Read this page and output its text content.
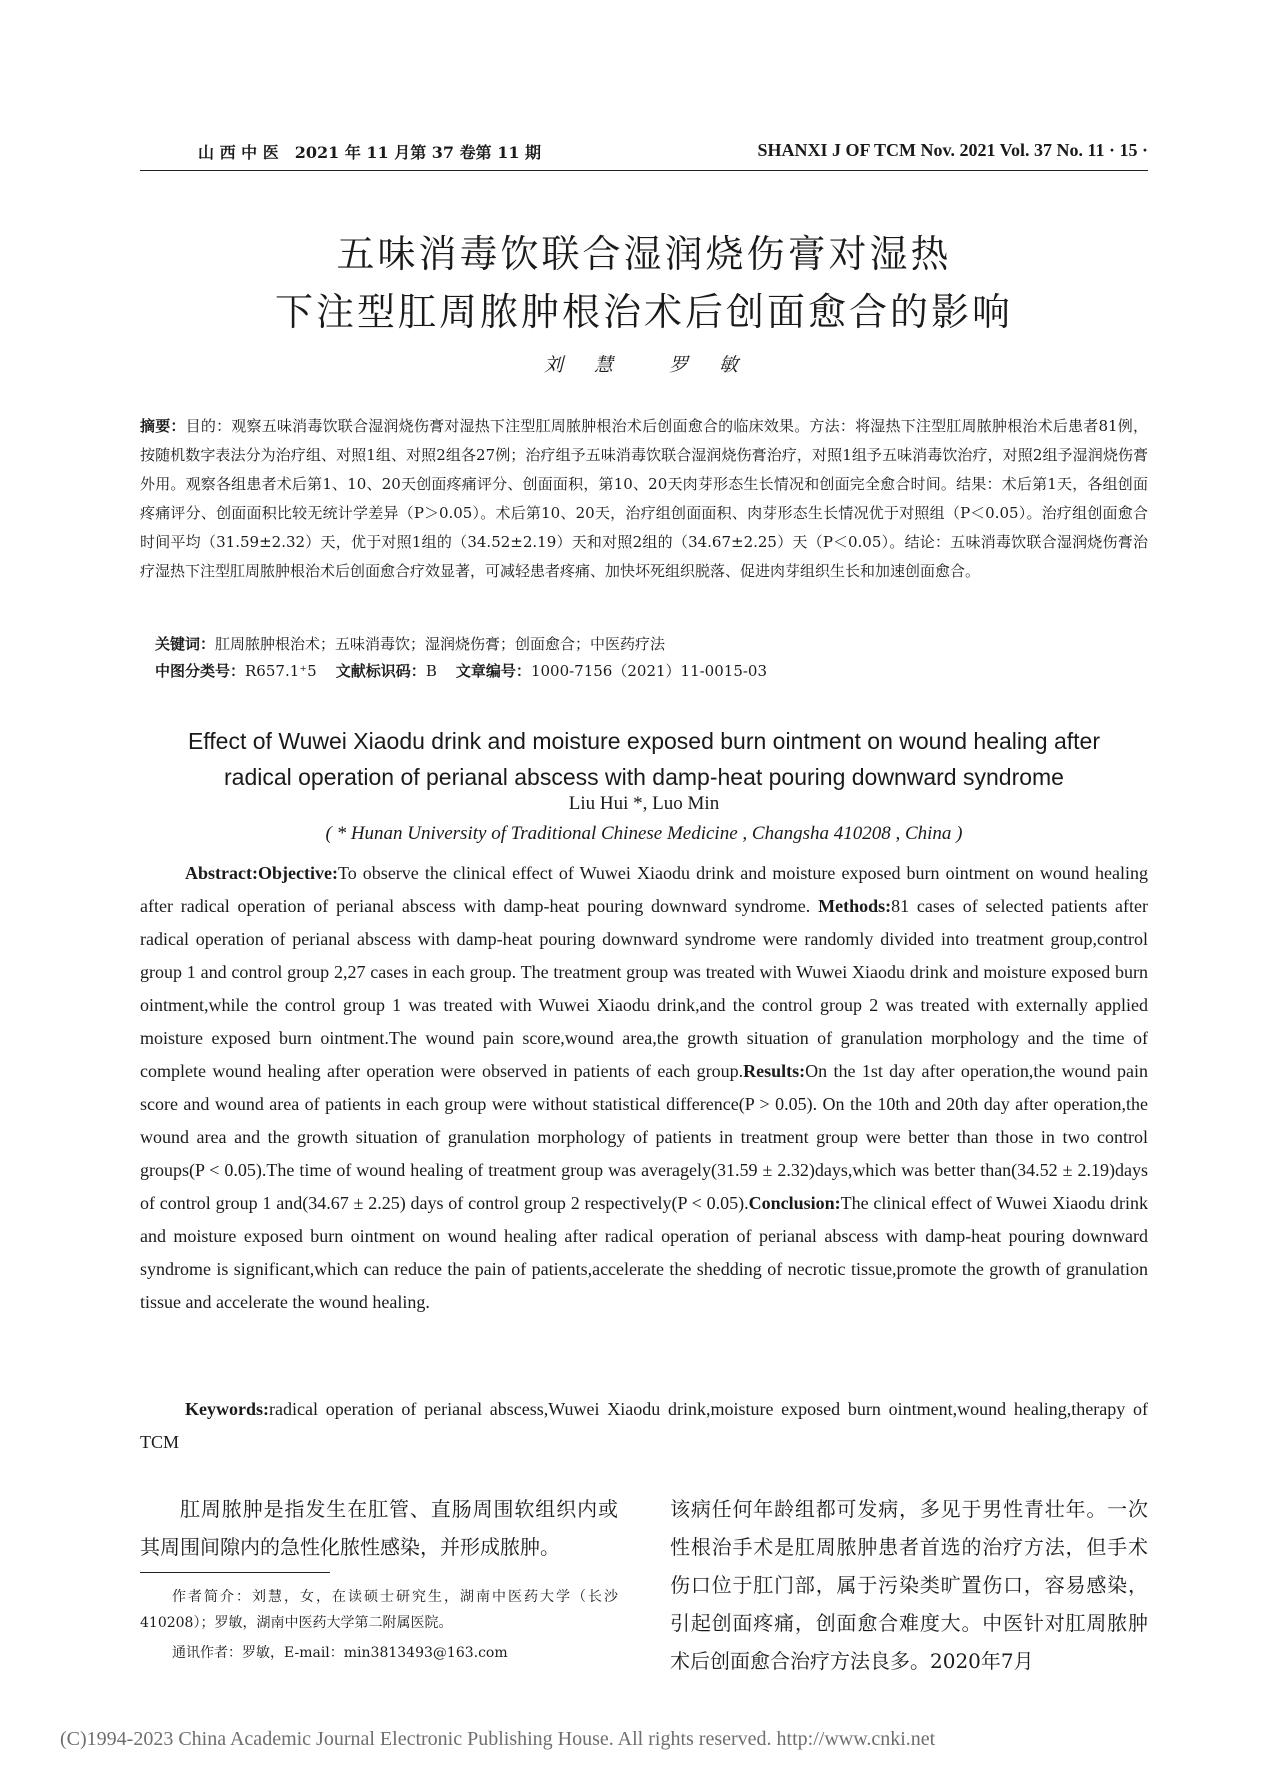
山 西 中 医　2021 年 11 月第 37 卷第 11 期	SHANXI J OF TCM Nov. 2021 Vol. 37 No. 11 · 15 ·
五味消毒饮联合湿润烧伤膏对湿热
下注型肛周脓肿根治术后创面愈合的影响
刘　慧　　罗　敏

摘要：目的：观察五味消毒饮联合湿润烧伤膏对湿热下注型肛周脓肿根治术后创面愈合的临床效果。方法：将湿热下注型肛周脓肿根治术后患者81例，按随机数字表法分为治疗组、对照1组、对照2组各27例；治疗组予五味消毒饮联合湿润烧伤膏治疗，对照1组予五味消毒饮治疗，对照2组予湿润烧伤膏外用。观察各组患者术后第1、10、20天创面疼痛评分、创面面积，第10、20天肉芽形态生长情况和创面完全愈合时间。结果：术后第1天，各组创面疼痛评分、创面面积比较无统计学差异（P＞0.05）。术后第10、20天，治疗组创面面积、肉芽形态生长情况优于对照组（P＜0.05）。治疗组创面愈合时间平均（31.59±2.32）天，优于对照1组的（34.52±2.19）天和对照2组的（34.67±2.25）天（P＜0.05）。结论：五味消毒饮联合湿润烧伤膏治疗湿热下注型肛周脓肿根治术后创面愈合疗效显著，可减轻患者疼痛、加快坏死组织脱落、促进肉芽组织生长和加速创面愈合。

关键词：肛周脓肿根治术；五味消毒饮；湿润烧伤膏；创面愈合；中医药疗法
中图分类号：R657.1⁺5 文献标识码：B 文章编号：1000-7156（2021）11-0015-03
Effect of Wuwei Xiaodu drink and moisture exposed burn ointment on wound healing after
radical operation of perianal abscess with damp-heat pouring downward syndrome
Liu Hui *, Luo Min
( * Hunan University of Traditional Chinese Medicine , Changsha 410208 , China )

Abstract:Objective:To observe the clinical effect of Wuwei Xiaodu drink and moisture exposed burn ointment on wound healing after radical operation of perianal abscess with damp-heat pouring downward syndrome. Methods:81 cases of selected patients after radical operation of perianal abscess with damp-heat pouring downward syndrome were randomly divided into treatment group,control group 1 and control group 2,27 cases in each group. The treatment group was treated with Wuwei Xiaodu drink and moisture exposed burn ointment,while the control group 1 was treated with Wuwei Xiaodu drink,and the control group 2 was treated with externally applied moisture exposed burn ointment.The wound pain score,wound area,the growth situation of granulation morphology and the time of complete wound healing after operation were observed in patients of each group.Results:On the 1st day after operation,the wound pain score and wound area of patients in each group were without statistical difference(P > 0.05). On the 10th and 20th day after operation,the wound area and the growth situation of granulation morphology of patients in treatment group were better than those in two control groups(P < 0.05).The time of wound healing of treatment group was averagely(31.59 ± 2.32)days,which was better than(34.52 ± 2.19)days of control group 1 and(34.67 ± 2.25) days of control group 2 respectively(P < 0.05).Conclusion:The clinical effect of Wuwei Xiaodu drink and moisture exposed burn ointment on wound healing after radical operation of perianal abscess with damp-heat pouring downward syndrome is significant,which can reduce the pain of patients,accelerate the shedding of necrotic tissue,promote the growth of granulation tissue and accelerate the wound healing.

Keywords:radical operation of perianal abscess,Wuwei Xiaodu drink,moisture exposed burn ointment,wound healing,therapy of TCM

肛周脓肿是指发生在肛管、直肠周围软组织内或其周围间隙内的急性化脓性感染，并形成脓肿。

该病任何年龄组都可发病，多见于男性青壮年。一次性根治手术是肛周脓肿患者首选的治疗方法，但手术伤口位于肛门部，属于污染类旷置伤口，容易感染，引起创面疼痛，创面愈合难度大。中医针对肛周脓肿术后创面愈合治疗方法良多。2020年7月

作者简介：刘慧，女，在读硕士研究生，湖南中医药大学（长沙 410208）；罗敏，湖南中医药大学第二附属医院。

通讯作者：罗敏，E-mail：min3813493@163.com

(C)1994-2023 China Academic Journal Electronic Publishing House. All rights reserved. http://www.cnki.net
